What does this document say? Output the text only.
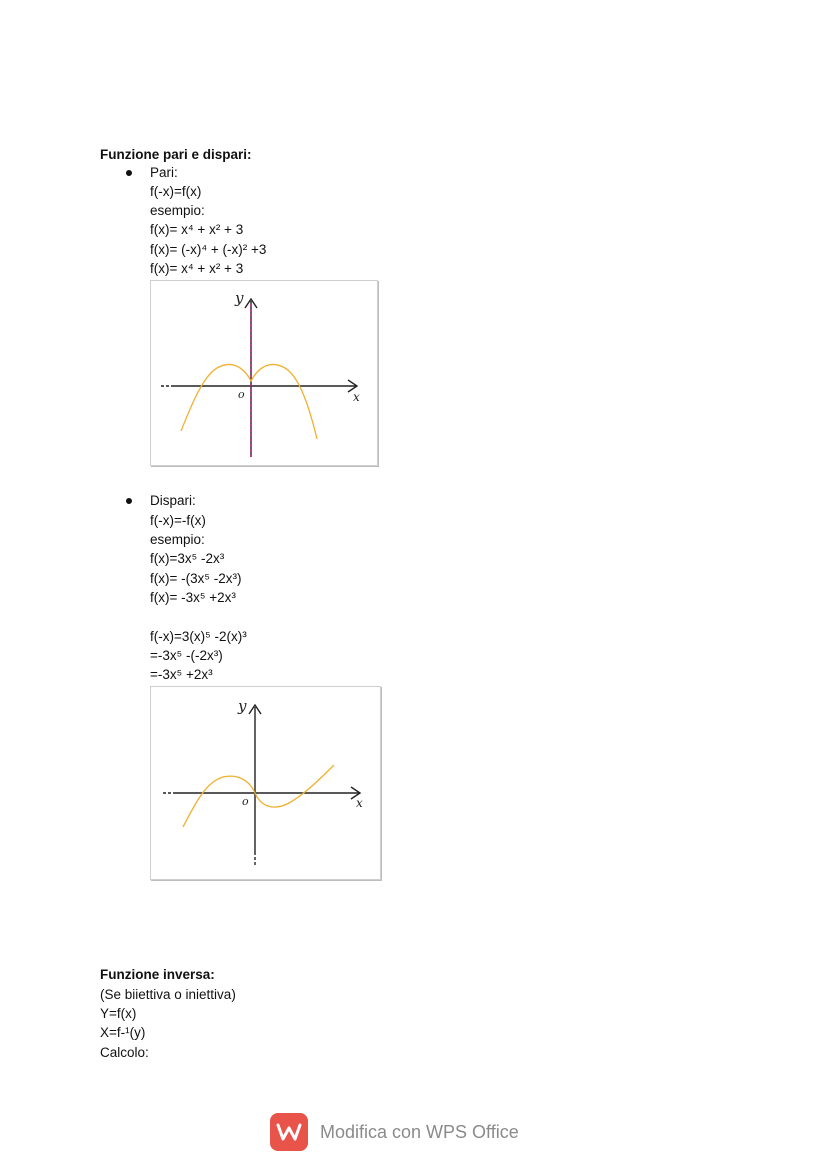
Funzione pari e dispari:
Pari:
f(-x)=f(x)
esempio:
f(x)= x⁴ + x² + 3
f(x)= (-x)⁴ + (-x)² +3
f(x)= x⁴ + x² + 3
y
x
o
Dispari:
f(-x)=-f(x)
esempio:
f(x)=3x⁵ -2x³
f(x)= -(3x⁵ -2x³)
f(x)= -3x⁵ +2x³
f(-x)=3(x)⁵ -2(x)³
=-3x⁵ -(-2x³)
=-3x⁵ +2x³
y
x
o
Funzione inversa:
(Se biiettiva o iniettiva)
Y=f(x)
X=f-¹(y)
Calcolo:
Modifica con WPS Office
